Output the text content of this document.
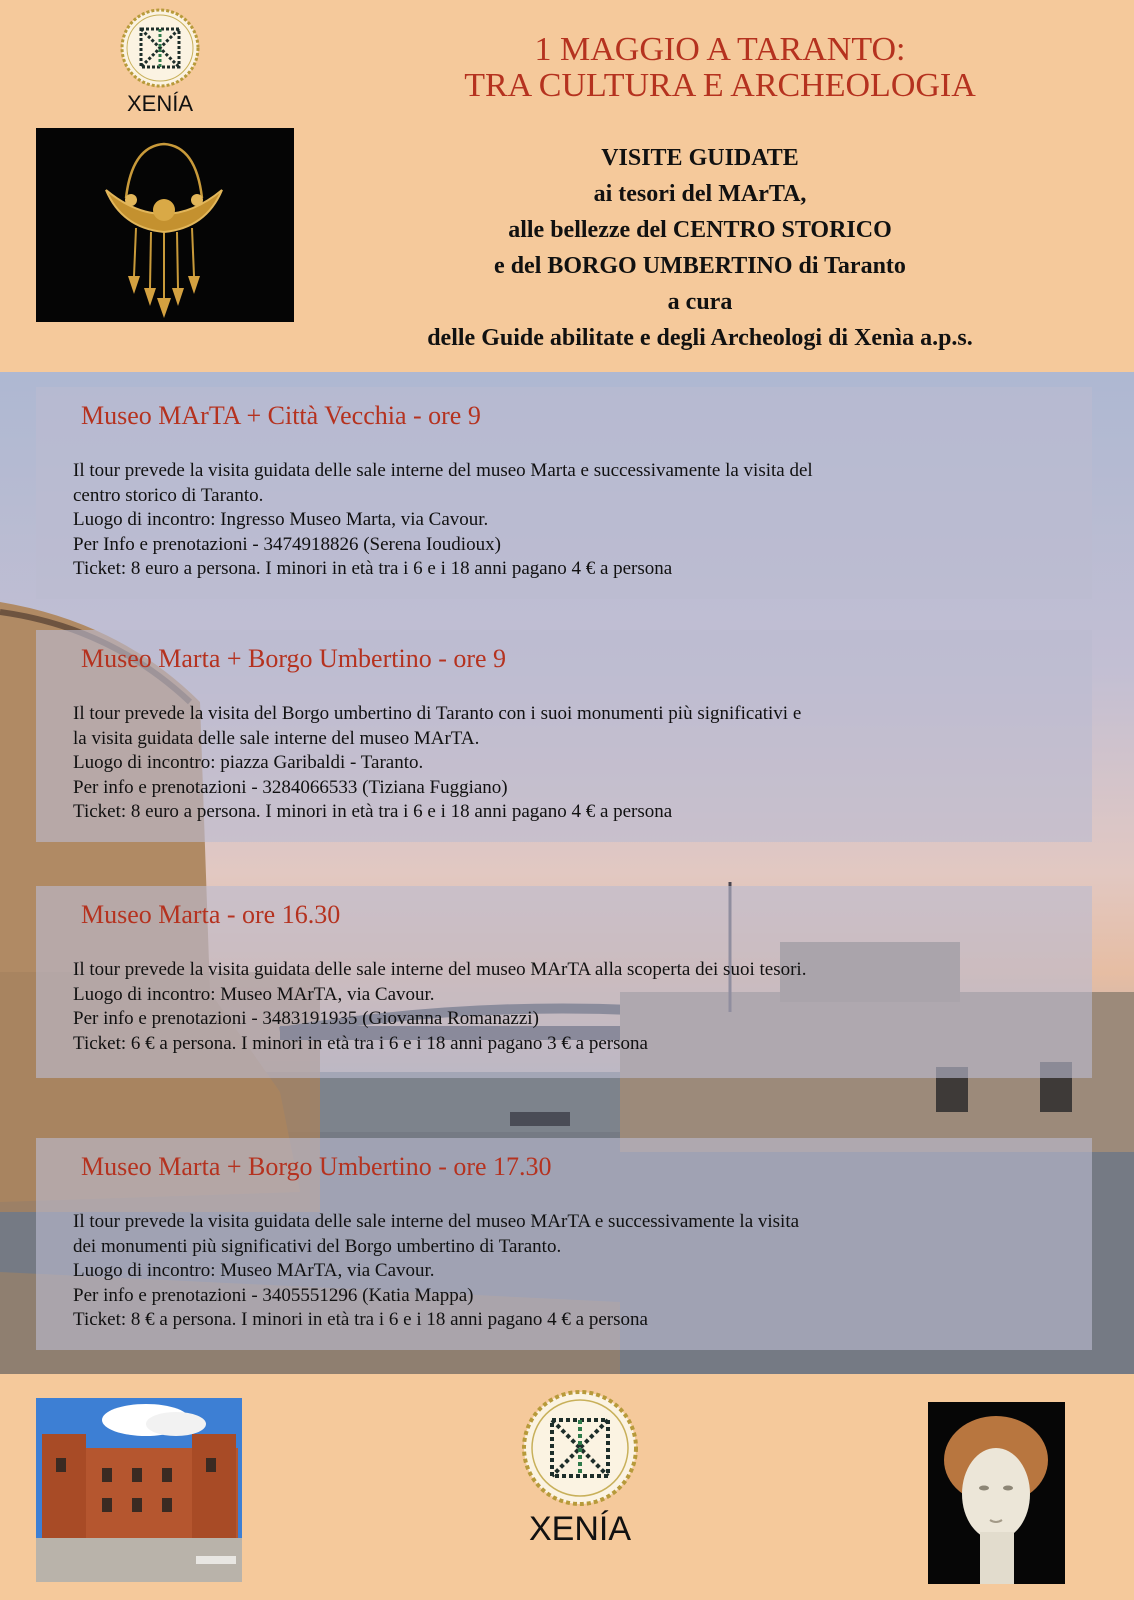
XENÍA
1 MAGGIO A TARANTO:
TRA CULTURA E ARCHEOLOGIA
VISITE GUIDATE
ai tesori del MArTA,
alle bellezze del CENTRO STORICO
e del BORGO UMBERTINO di Taranto
a cura
delle Guide abilitate e degli Archeologi di Xenìa a.p.s.
Museo MArTA + Città Vecchia - ore 9
Il tour prevede la visita guidata delle sale interne del museo Marta e successivamente la visita del
centro storico di Taranto.
Luogo di incontro: Ingresso Museo Marta, via Cavour.
Per Info e prenotazioni - 3474918826 (Serena Ioudioux)
Ticket: 8 euro a persona. I minori in età tra i 6 e i 18 anni pagano 4 € a persona
Museo Marta + Borgo Umbertino - ore 9
Il tour prevede la visita del Borgo umbertino di Taranto con i suoi monumenti più significativi e
la visita guidata delle sale interne del museo MArTA.
Luogo di incontro: piazza Garibaldi - Taranto.
Per info e prenotazioni - 3284066533 (Tiziana Fuggiano)
Ticket: 8 euro a persona. I minori in età tra i 6 e i 18 anni pagano 4 € a persona
Museo Marta - ore 16.30
Il tour prevede la visita guidata delle sale interne del museo MArTA alla scoperta dei suoi tesori.
Luogo di incontro: Museo MArTA, via Cavour.
Per info e prenotazioni - 3483191935 (Giovanna Romanazzi)
Ticket: 6 € a persona. I minori in età tra i 6 e i 18 anni pagano 3 € a persona
Museo Marta + Borgo Umbertino - ore 17.30
Il tour prevede la visita guidata delle sale interne del museo MArTA e successivamente la visita
dei monumenti più significativi del Borgo umbertino di Taranto.
Luogo di incontro: Museo MArTA, via Cavour.
Per info e prenotazioni - 3405551296 (Katia Mappa)
Ticket: 8 € a persona. I minori in età tra i 6 e i 18 anni pagano 4 € a persona
XENÍA
